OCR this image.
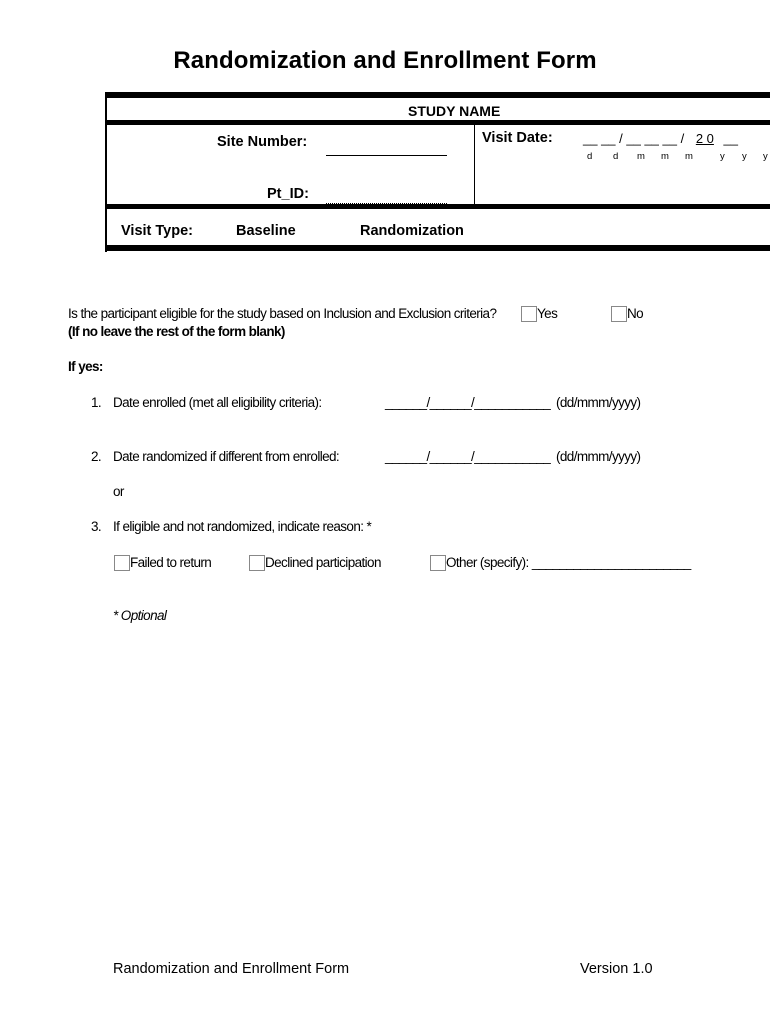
Randomization and Enrollment Form
STUDY NAME
Site Number:
Pt_ID:
Visit Date: __ __ / __ __ __ / 2 0 __
d d m m m	y y y
Visit Type:	Baseline	Randomization
Is the participant eligible for the study based on Inclusion and Exclusion criteria?	Yes	No
(If no leave the rest of the form blank)
If yes:
1. Date enrolled (met all eligibility criteria):	______/______/___________ (dd/mmm/yyyy)
2. Date randomized if different from enrolled:	______/______/___________ (dd/mmm/yyyy)
or
3. If eligible and not randomized, indicate reason: *
Failed to return	Declined participation	Other (specify): _______________________
* Optional
Randomization and Enrollment Form	Version 1.0
